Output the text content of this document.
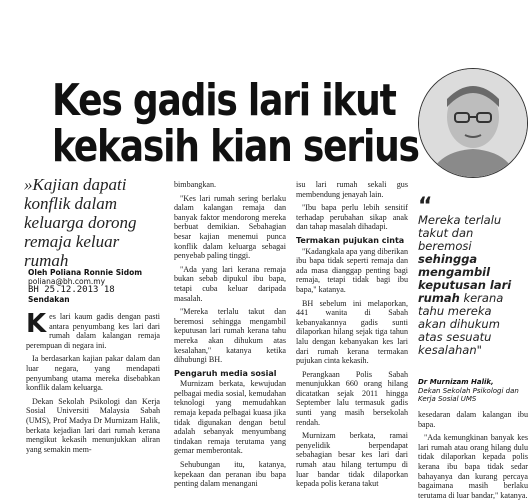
Kes gadis lari ikut
kekasih kian serius
»Kajian dapati konflik dalam keluarga dorong remaja keluar rumah
Oleh Poliana Ronnie Sidom
poliana@bh.com.my
BH 25.12.2013 18
Sendakan

Kes lari kaum gadis dengan pasti antara penyumbang kes lari dari rumah dalam kalangan remaja perempuan di negara ini.

Ia berdasarkan kajian pakar dalam dan luar negara, yang mendapati penyumbang utama mereka disebabkan konflik dalam keluarga.

Dekan Sekolah Psikologi dan Kerja Sosial Universiti Malaysia Sabah (UMS), Prof Madya Dr Murnizam Halik, berkata kejadian lari dari rumah kerana mengikut kekasih menunjukkan aliran yang semakin mem-

bimbangkan.

"Kes lari rumah sering berlaku dalam kalangan remaja dan banyak faktor mendorong mereka berbuat demikian. Sebahagian besar kajian menemui punca konflik dalam keluarga sebagai penyebab paling tinggi.

"Ada yang lari kerana remaja bukan sebab dipukul ibu bapa, tetapi cuba keluar daripada masalah.

"Mereka terlalu takut dan beremosi sehingga mengambil keputusan lari rumah kerana tahu mereka akan dihukum atas kesalahan," katanya ketika dihubungi BH.

Pengaruh media sosial

Murnizam berkata, kewujudan pelbagai media sosial, kemudahan teknologi yang memudahkan remaja kepada pelbagai kuasa jika tidak digunakan dengan betul adalah sebanyak menyumbang tindakan remaja terutama yang gemar memberontak.

Sehubungan itu, katanya, kepekaan dan peranan ibu bapa penting dalam menangani

isu lari rumah sekali gus membendung jenayah lain.

"Ibu bapa perlu lebih sensitif terhadap perubahan sikap anak dan tahap masalah dihadapi.

Termakan pujukan cinta

"Kadangkala apa yang diberikan ibu bapa tidak seperti remaja dan ada masa dianggap penting bagi remaja, tetapi tidak bagi ibu bapa," katanya.

BH sebelum ini melaporkan, 441 wanita di Sabah kebanyakannya gadis sunti dilaporkan hilang sejak tiga tahun lalu dengan kebanyakan kes lari dari rumah kerana termakan pujukan cinta kekasih.

Perangkaan Polis Sabah menunjukkan 660 orang hilang dicatatkan sejak 2011 hingga September lalu termasuk gadis sunti yang masih bersekolah rendah.

Murnizam berkata, ramai penyelidik berpendapat sebahagian besar kes lari dari rumah atau hilang tertumpu di luar bandar tidak dilaporkan kepada polis kerana takut

“
Mereka terlalu takut dan beremosi sehingga mengambil keputusan lari rumah kerana tahu mereka akan dihukum atas sesuatu kesalahan"
Dr Murnizam Halik,
Dekan Sekolah Psikologi dan Kerja Sosial UMS

kesedaran dalam kalangan ibu bapa.

"Ada kemungkinan banyak kes lari rumah atau orang hilang dulu tidak dilaporkan kepada polis kerana ibu bapa tidak sedar bahayanya dan kurang percaya bagaimana masih berlaku terutama di luar bandar," katanya.
